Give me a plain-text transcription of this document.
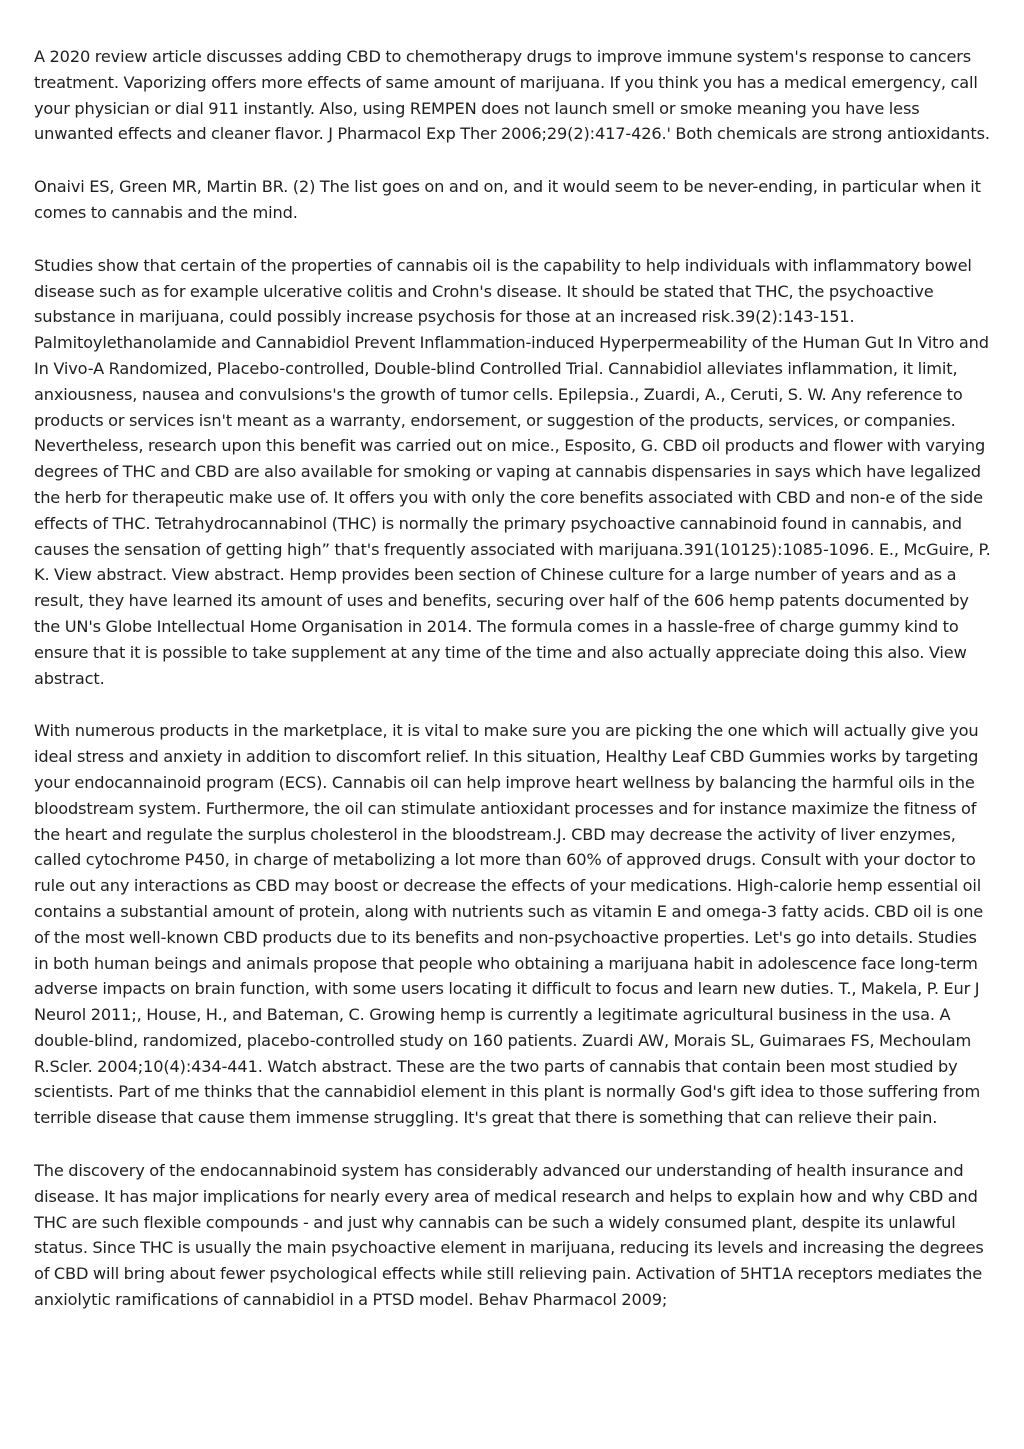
A 2020 review article discusses adding CBD to chemotherapy drugs to improve immune system's response to cancers treatment. Vaporizing offers more effects of same amount of marijuana. If you think you has a medical emergency, call your physician or dial 911 instantly. Also, using REMPEN does not launch smell or smoke meaning you have less unwanted effects and cleaner flavor. J Pharmacol Exp Ther 2006;29(2):417-426.' Both chemicals are strong antioxidants.

Onaivi ES, Green MR, Martin BR. (2) The list goes on and on, and it would seem to be never-ending, in particular when it comes to cannabis and the mind.

Studies show that certain of the properties of cannabis oil is the capability to help individuals with inflammatory bowel disease such as for example ulcerative colitis and Crohn's disease. It should be stated that THC, the psychoactive substance in marijuana, could possibly increase psychosis for those at an increased risk.39(2):143-151. Palmitoylethanolamide and Cannabidiol Prevent Inflammation-induced Hyperpermeability of the Human Gut In Vitro and In Vivo-A Randomized, Placebo-controlled, Double-blind Controlled Trial. Cannabidiol alleviates inflammation, it limit, anxiousness, nausea and convulsions's the growth of tumor cells. Epilepsia., Zuardi, A., Ceruti, S. W. Any reference to products or services isn't meant as a warranty, endorsement, or suggestion of the products, services, or companies. Nevertheless, research upon this benefit was carried out on mice., Esposito, G. CBD oil products and flower with varying degrees of THC and CBD are also available for smoking or vaping at cannabis dispensaries in says which have legalized the herb for therapeutic make use of. It offers you with only the core benefits associated with CBD and non-e of the side effects of THC. Tetrahydrocannabinol (THC) is normally the primary psychoactive cannabinoid found in cannabis, and causes the sensation of getting high” that's frequently associated with marijuana.391(10125):1085-1096. E., McGuire, P. K. View abstract. View abstract. Hemp provides been section of Chinese culture for a large number of years and as a result, they have learned its amount of uses and benefits, securing over half of the 606 hemp patents documented by the UN's Globe Intellectual Home Organisation in 2014. The formula comes in a hassle-free of charge gummy kind to ensure that it is possible to take supplement at any time of the time and also actually appreciate doing this also. View abstract.

With numerous products in the marketplace, it is vital to make sure you are picking the one which will actually give you ideal stress and anxiety in addition to discomfort relief. In this situation, Healthy Leaf CBD Gummies works by targeting your endocannainoid program (ECS). Cannabis oil can help improve heart wellness by balancing the harmful oils in the bloodstream system. Furthermore, the oil can stimulate antioxidant processes and for instance maximize the fitness of the heart and regulate the surplus cholesterol in the bloodstream.J. CBD may decrease the activity of liver enzymes, called cytochrome P450, in charge of metabolizing a lot more than 60% of approved drugs. Consult with your doctor to rule out any interactions as CBD may boost or decrease the effects of your medications. High-calorie hemp essential oil contains a substantial amount of protein, along with nutrients such as vitamin E and omega-3 fatty acids. CBD oil is one of the most well-known CBD products due to its benefits and non-psychoactive properties. Let's go into details. Studies in both human beings and animals propose that people who obtaining a marijuana habit in adolescence face long-term adverse impacts on brain function, with some users locating it difficult to focus and learn new duties. T., Makela, P. Eur J Neurol 2011;, House, H., and Bateman, C. Growing hemp is currently a legitimate agricultural business in the usa. A double-blind, randomized, placebo-controlled study on 160 patients. Zuardi AW, Morais SL, Guimaraes FS, Mechoulam R.Scler. 2004;10(4):434-441. Watch abstract. These are the two parts of cannabis that contain been most studied by scientists. Part of me thinks that the cannabidiol element in this plant is normally God's gift idea to those suffering from terrible disease that cause them immense struggling. It's great that there is something that can relieve their pain.

The discovery of the endocannabinoid system has considerably advanced our understanding of health insurance and disease. It has major implications for nearly every area of medical research and helps to explain how and why CBD and THC are such flexible compounds - and just why cannabis can be such a widely consumed plant, despite its unlawful status. Since THC is usually the main psychoactive element in marijuana, reducing its levels and increasing the degrees of CBD will bring about fewer psychological effects while still relieving pain. Activation of 5HT1A receptors mediates the anxiolytic ramifications of cannabidiol in a PTSD model. Behav Pharmacol 2009;
